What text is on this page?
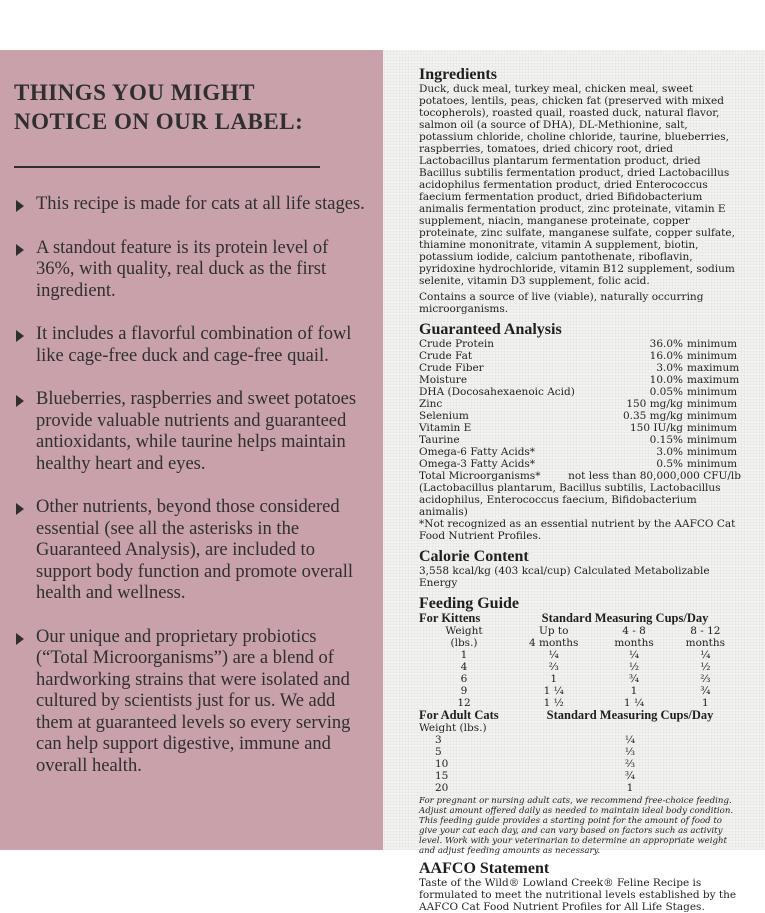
THINGS YOU MIGHT
NOTICE ON OUR LABEL:
This recipe is made for cats at all life stages.
A standout feature is its protein level of 36%, with quality, real duck as the first ingredient.
It includes a flavorful combination of fowl like cage-free duck and cage-free quail.
Blueberries, raspberries and sweet potatoes provide valuable nutrients and guaranteed antioxidants, while taurine helps maintain healthy heart and eyes.
Other nutrients, beyond those considered essential (see all the asterisks in the Guaranteed Analysis), are included to support body function and promote overall health and wellness.
Our unique and proprietary probiotics (“Total Microorganisms”) are a blend of hardworking strains that were isolated and cultured by scientists just for us. We add them at guaranteed levels so every serving can help support digestive, immune and overall health.

Ingredients

Duck, duck meal, turkey meal, chicken meal, sweet potatoes, lentils, peas, chicken fat (preserved with mixed tocopherols), roasted quail, roasted duck, natural flavor, salmon oil (a source of DHA), DL-Methionine, salt, potassium chloride, choline chloride, taurine, blueberries, raspberries, tomatoes, dried chicory root, dried Lactobacillus plantarum fermentation product, dried Bacillus subtilis fermentation product, dried Lactobacillus acidophilus fermentation product, dried Enterococcus faecium fermentation product, dried Bifidobacterium animalis fermentation product, zinc proteinate, vitamin E supplement, niacin, manganese proteinate, copper proteinate, zinc sulfate, manganese sulfate, copper sulfate, thiamine mononitrate, vitamin A supplement, biotin, potassium iodide, calcium pantothenate, riboflavin, pyridoxine hydrochloride, vitamin B12 supplement, sodium selenite, vitamin D3 supplement, folic acid.

Contains a source of live (viable), naturally occurring microorganisms.

Guaranteed Analysis

Crude Protein	36.0%	minimum
Crude Fat	16.0%	minimum
Crude Fiber	3.0%	maximum
Moisture	10.0%	maximum
DHA (Docosahexaenoic Acid)	0.05%	minimum
Zinc	150 mg/kg	minimum
Selenium	0.35 mg/kg	minimum
Vitamin E	150 IU/kg	minimum
Taurine	0.15%	minimum
Omega-6 Fatty Acids*	3.0%	minimum
Omega-3 Fatty Acids*	0.5%	minimum
Total Microorganisms*	not less than 80,000,000 CFU/lb

(Lactobacillus plantarum, Bacillus subtilis, Lactobacillus acidophilus, Enterococcus faecium, Bifidobacterium animalis)

*Not recognized as an essential nutrient by the AAFCO Cat Food Nutrient Profiles.

Calorie Content

3,558 kcal/kg (403 kcal/cup) Calculated Metabolizable Energy

Feeding Guide

For Kittens	Standard Measuring Cups/Day		
Weight	Up to	4 - 8	8 - 12
(lbs.)	4 months	months	months
1	¼	¼	¼
4	⅔	½	½
6	1	¾	⅔
9	1 ¼	1	¾
12	1 ½	1 ¼	1
For Adult Cats	Standard Measuring Cups/Day
Weight (lbs.)	
3	¼
5	⅓
10	⅔
15	¾
20	1

For pregnant or nursing adult cats, we recommend free-choice feeding. Adjust amount offered daily as needed to maintain ideal body condition. This feeding guide provides a starting point for the amount of food to give your cat each day, and can vary based on factors such as activity level. Work with your veterinarian to determine an appropriate weight and adjust feeding amounts as necessary.

AAFCO Statement

Taste of the Wild® Lowland Creek® Feline Recipe is formulated to meet the nutritional levels established by the AAFCO Cat Food Nutrient Profiles for All Life Stages.
